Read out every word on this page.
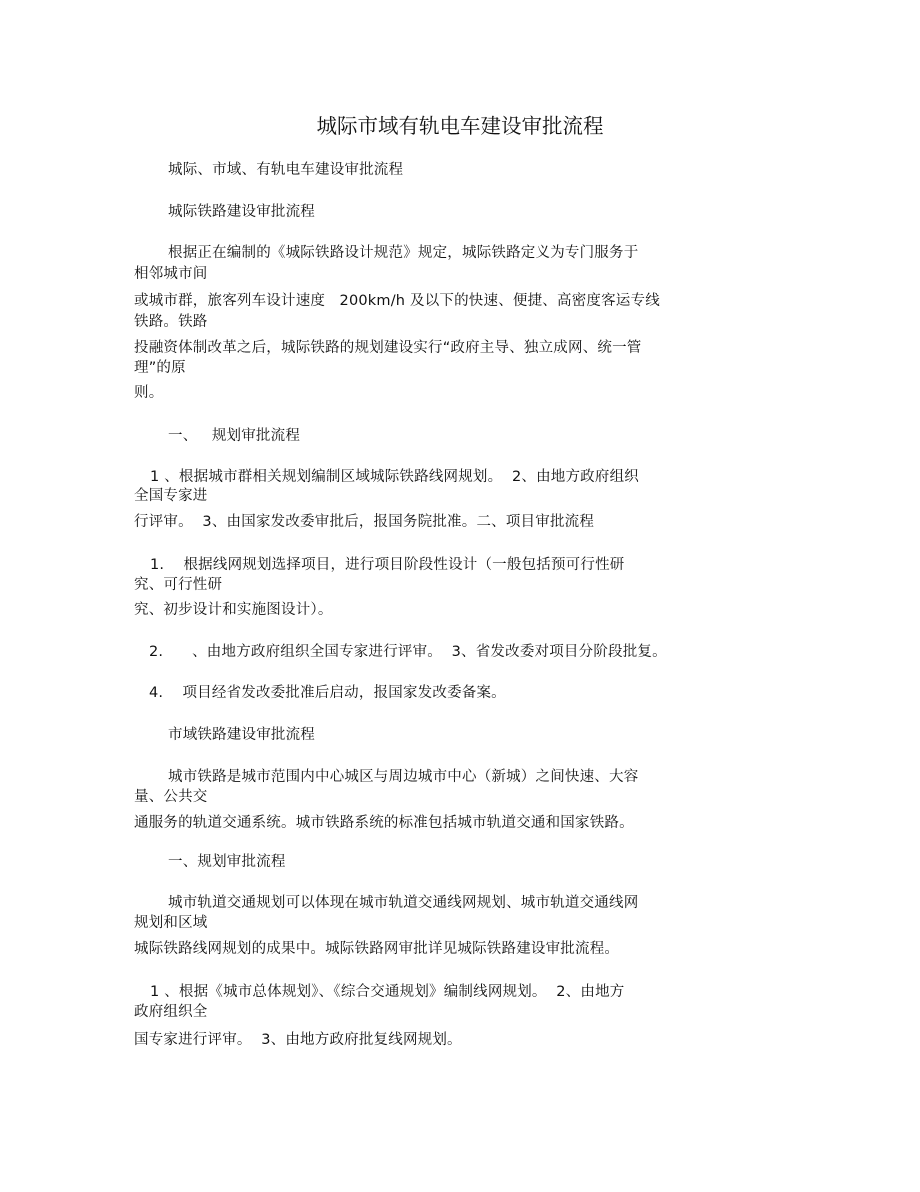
城际市域有轨电车建设审批流程
城际、市域、有轨电车建设审批流程
城际铁路建设审批流程
根据正在编制的《城际铁路设计规范》规定，城际铁路定义为专门服务于
相邻城市间
或城市群，旅客列车设计速度   200km/h 及以下的快速、便捷、高密度客运专线
铁路。铁路
投融资体制改革之后，城际铁路的规划建设实行“政府主导、独立成网、统一管
理”的原
则。
一、   规划审批流程
1 、根据城市群相关规划编制区域城际铁路线网规划。  2、由地方政府组织
全国专家进
行评审。  3、由国家发改委审批后，报国务院批准。二、项目审批流程
1.    根据线网规划选择项目，进行项目阶段性设计（一般包括预可行性研
究、可行性研
究、初步设计和实施图设计）。
2.      、由地方政府组织全国专家进行评审。  3、省发改委对项目分阶段批复。
4.    项目经省发改委批准后启动，报国家发改委备案。
市域铁路建设审批流程
城市铁路是城市范围内中心城区与周边城市中心（新城）之间快速、大容
量、公共交
通服务的轨道交通系统。城市铁路系统的标准包括城市轨道交通和国家铁路。
一、规划审批流程
城市轨道交通规划可以体现在城市轨道交通线网规划、城市轨道交通线网
规划和区域
城际铁路线网规划的成果中。城际铁路网审批详见城际铁路建设审批流程。
1 、根据《城市总体规划》、《综合交通规划》编制线网规划。  2、由地方
政府组织全
国专家进行评审。  3、由地方政府批复线网规划。
